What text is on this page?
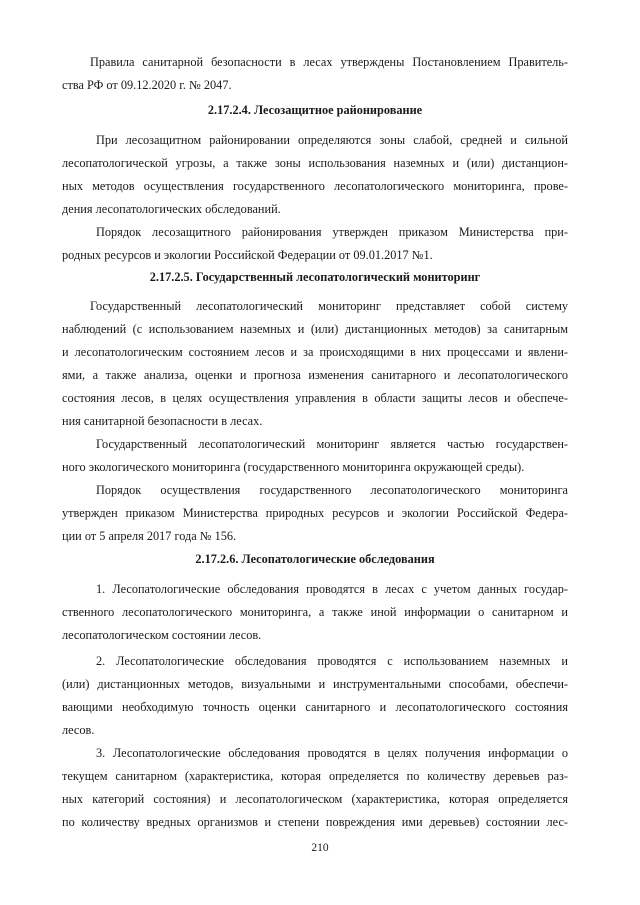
Правила санитарной безопасности в лесах утверждены Постановлением Правитель-
ства РФ от 09.12.2020 г. № 2047.
2.17.2.4. Лесозащитное районирование
При лесозащитном районировании определяются зоны слабой, средней и сильной
лесопатологической угрозы, а также зоны использования наземных и (или) дистанцион-
ных методов осуществления государственного лесопатологического мониторинга, прове-
дения лесопатологических обследований.
Порядок лесозащитного районирования утвержден приказом Министерства при-
родных ресурсов и экологии Российской Федерации от 09.01.2017 №1.
2.17.2.5. Государственный лесопатологический мониторинг
Государственный лесопатологический мониторинг представляет собой систему
наблюдений (с использованием наземных и (или) дистанционных методов) за санитарным
и лесопатологическим состоянием лесов и за происходящими в них процессами и явлени-
ями, а также анализа, оценки и прогноза изменения санитарного и лесопатологического
состояния лесов, в целях осуществления управления в области защиты лесов и обеспече-
ния санитарной безопасности в лесах.
Государственный лесопатологический мониторинг является частью государствен-
ного экологического мониторинга (государственного мониторинга окружающей среды).
Порядок осуществления государственного лесопатологического мониторинга
утвержден приказом Министерства природных ресурсов и экологии Российской Федера-
ции от 5 апреля 2017 года № 156.
2.17.2.6. Лесопатологические обследования
1. Лесопатологические обследования проводятся в лесах с учетом данных государ-
ственного лесопатологического мониторинга, а также иной информации о санитарном и
лесопатологическом состоянии лесов.
2. Лесопатологические обследования проводятся с использованием наземных и
(или) дистанционных методов, визуальными и инструментальными способами, обеспечи-
вающими необходимую точность оценки санитарного и лесопатологического состояния
лесов.
3. Лесопатологические обследования проводятся в целях получения информации о
текущем санитарном (характеристика, которая определяется по количеству деревьев раз-
ных категорий состояния) и лесопатологическом (характеристика, которая определяется
по количеству вредных организмов и степени повреждения ими деревьев) состоянии лес-
210
